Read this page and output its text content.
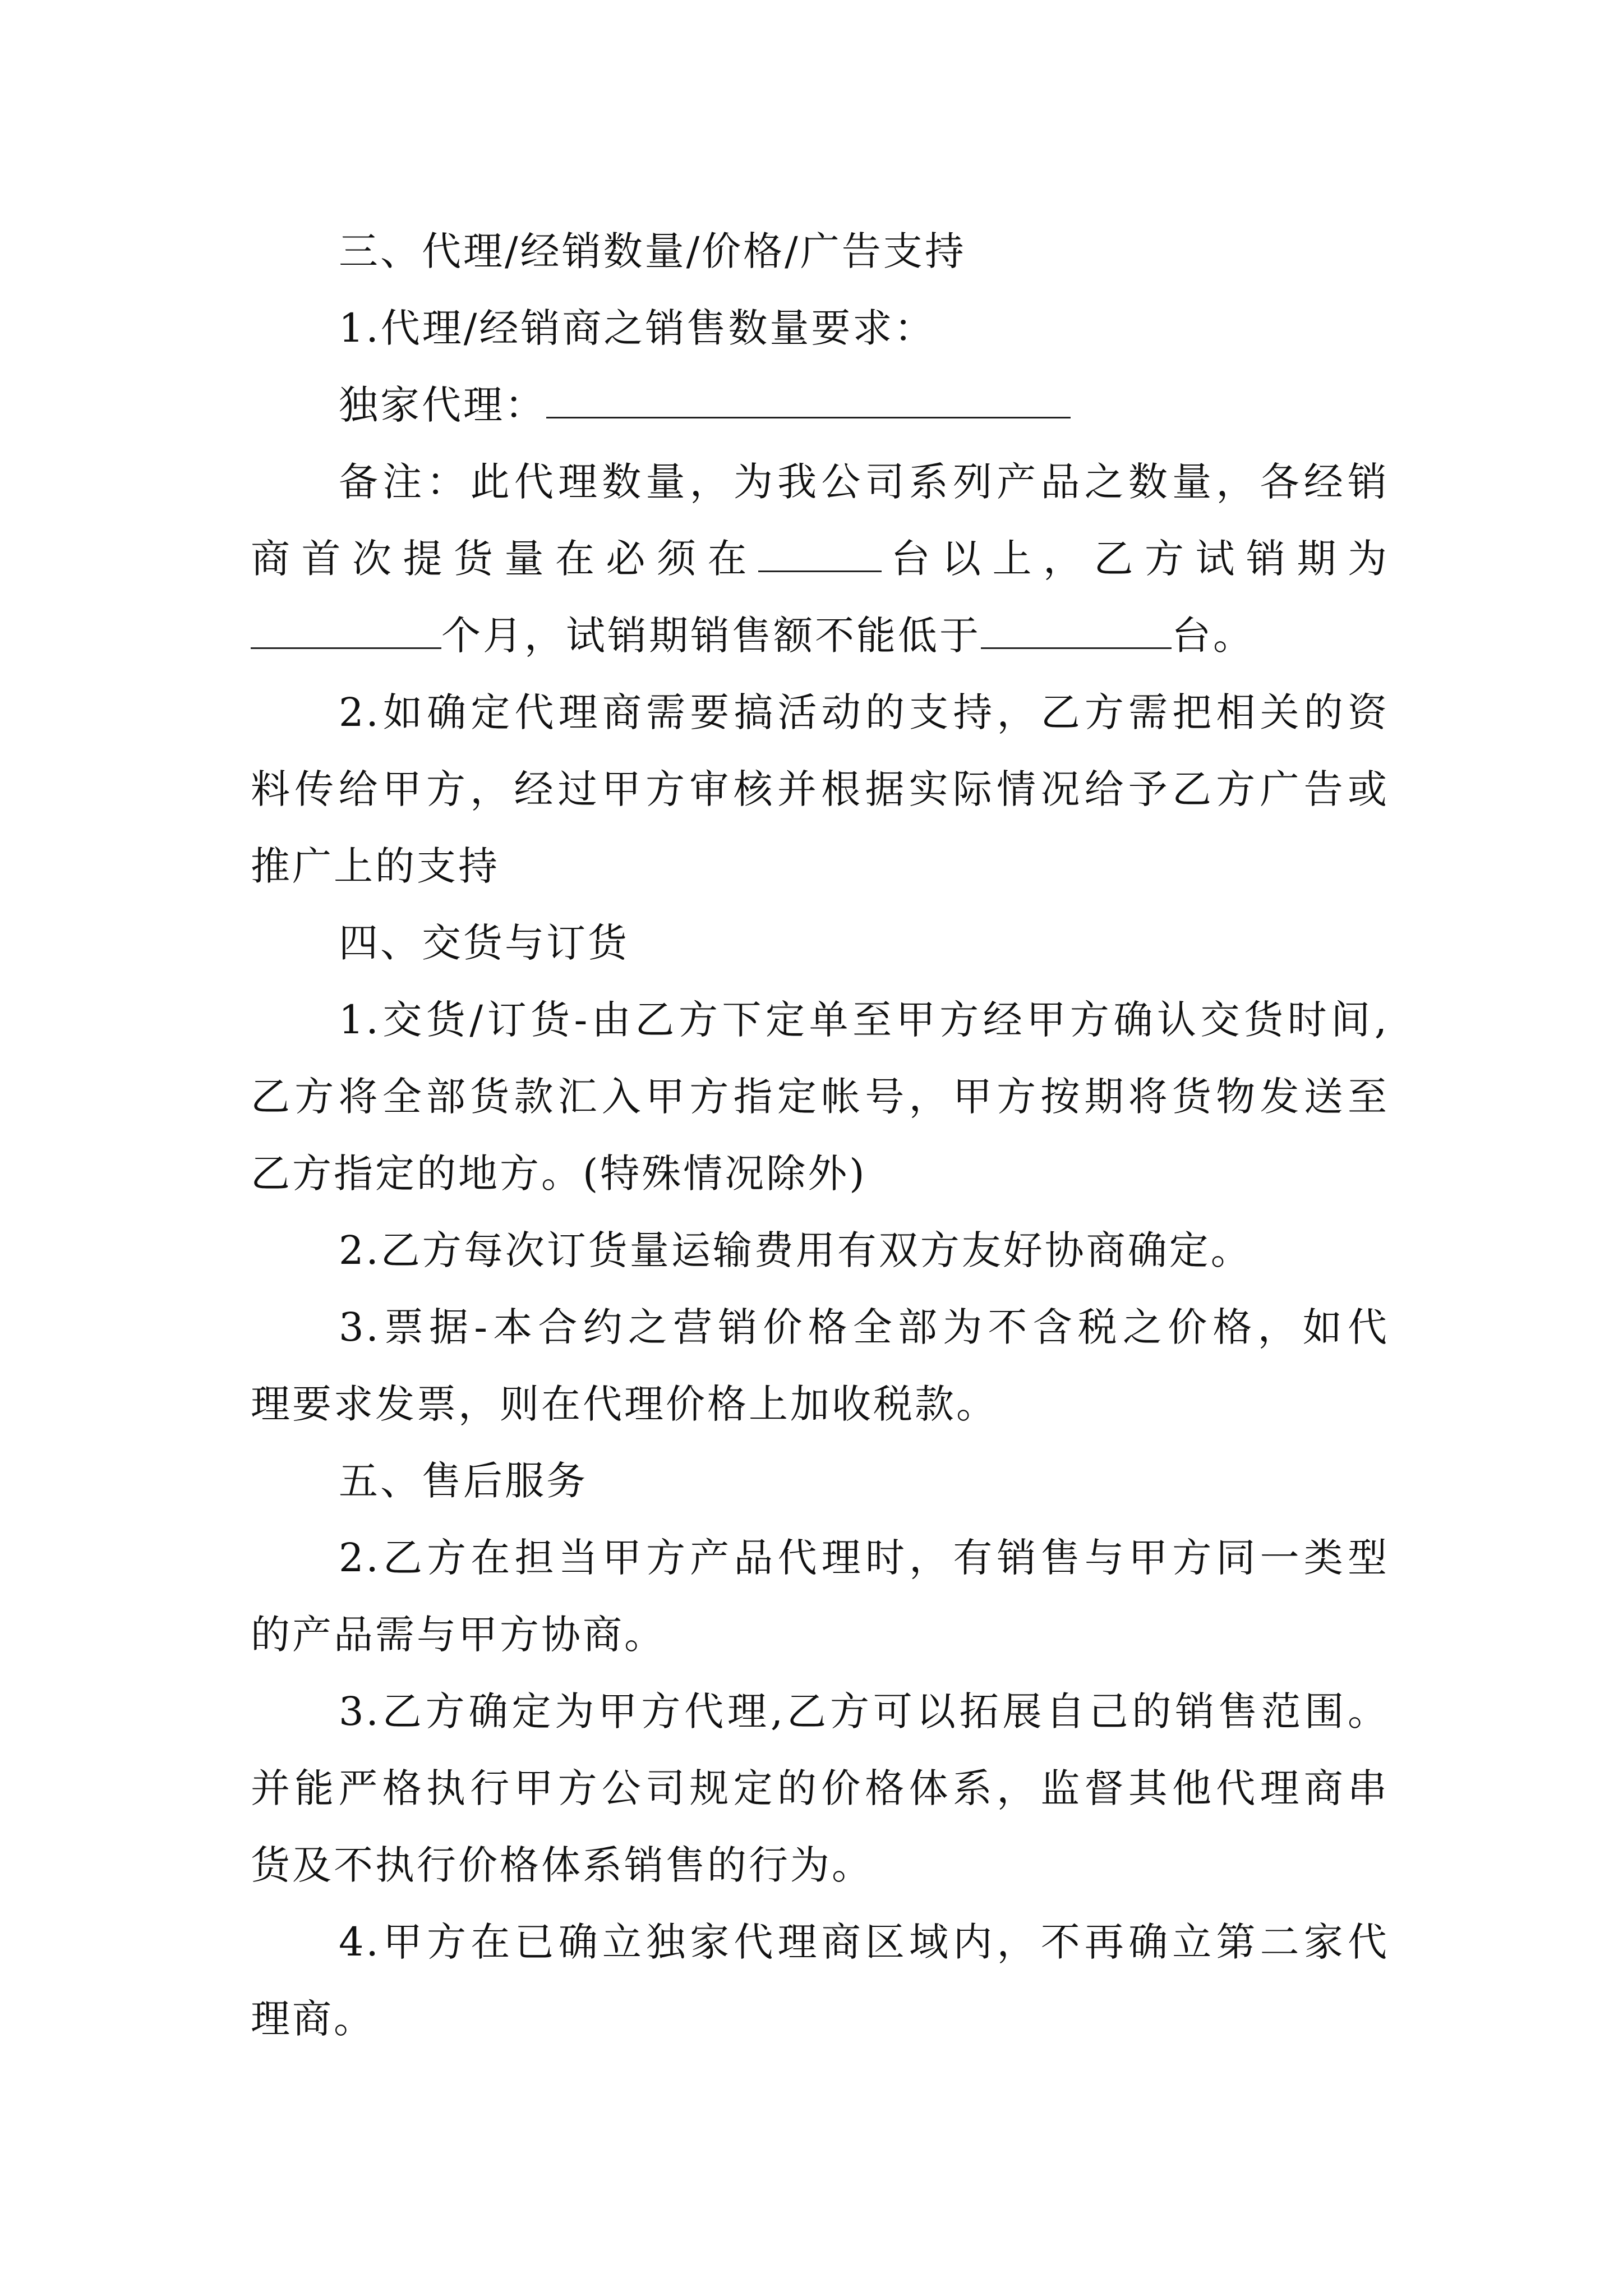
三、代理/经销数量/价格/广告支持

1.代理/经销商之销售数量要求：

独家代理：

备注：此代理数量，为我公司系列产品之数量，各经销
商首次提货量在必须在	台以上，乙方试销期为
个月，试销期销售额不能低于	台。

2.如确定代理商需要搞活动的支持，乙方需把相关的资
料传给甲方，经过甲方审核并根据实际情况给予乙方广告或
推广上的支持

四、交货与订货

1.交货/订货-由乙方下定单至甲方经甲方确认交货时间,
乙方将全部货款汇入甲方指定帐号，甲方按期将货物发送至
乙方指定的地方。(特殊情况除外)

2.乙方每次订货量运输费用有双方友好协商确定。

3.票据-本合约之营销价格全部为不含税之价格，如代
理要求发票，则在代理价格上加收税款。

五、售后服务

2.乙方在担当甲方产品代理时，有销售与甲方同一类型
的产品需与甲方协商。

3.乙方确定为甲方代理,乙方可以拓展自己的销售范围。
并能严格执行甲方公司规定的价格体系，监督其他代理商串
货及不执行价格体系销售的行为。

4.甲方在已确立独家代理商区域内，不再确立第二家代
理商。
